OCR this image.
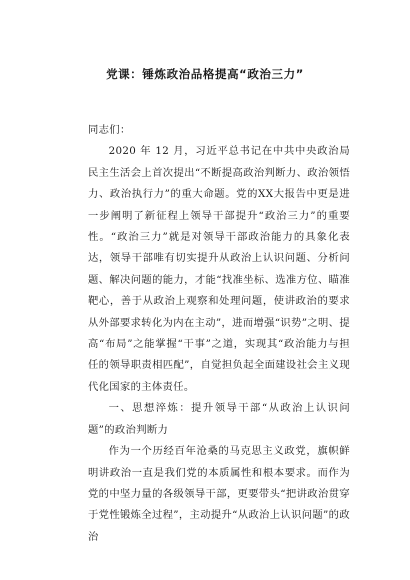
党课：锤炼政治品格提高“政治三力”

同志们：

2020 年 12 月，习近平总书记在中共中央政治局民主生活会上首次提出“不断提高政治判断力、政治领悟力、政治执行力”的重大命题。党的XX大报告中更是进一步阐明了新征程上领导干部提升“政治三力”的重要性。“政治三力”就是对领导干部政治能力的具象化表达，领导干部唯有切实提升从政治上认识问题、分析问题、解决问题的能力，才能“找准坐标、选准方位、瞄准靶心，善于从政治上观察和处理问题，使讲政治的要求从外部要求转化为内在主动”，进而增强“识势”之明、提高“布局”之能掌握“干事”之道，实现其“政治能力与担任的领导职责相匹配”，自觉担负起全面建设社会主义现代化国家的主体责任。

一、思想淬炼：提升领导干部“从政治上认识问题”的政治判断力

作为一个历经百年沧桑的马克思主义政党，旗帜鲜明讲政治一直是我们党的本质属性和根本要求。而作为党的中坚力量的各级领导干部，更要带头“把讲政治贯穿于党性锻炼全过程”，主动提升“从政治上认识问题”的政治
